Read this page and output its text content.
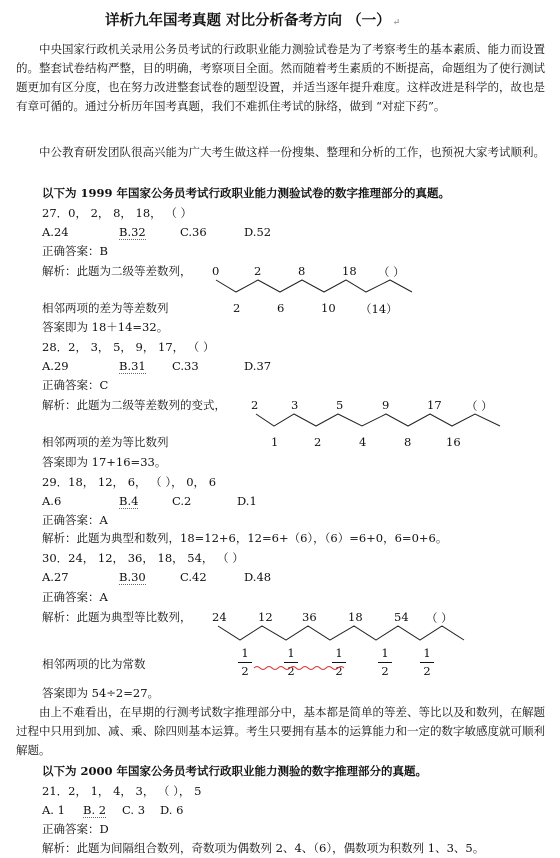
详析九年国考真题 对比分析备考方向 （一） ↵
中央国家行政机关录用公务员考试的行政职业能力测验试卷是为了考察考生的基本素质、能力而设置的。整套试卷结构严整，目的明确，考察项目全面。然而随着考生素质的不断提高，命题组为了使行测试题更加有区分度，也在努力改进整套试卷的题型设置，并适当逐年提升难度。这样改进是科学的，故也是有章可循的。通过分析历年国考真题，我们不难抓住考试的脉络，做到 “对症下药”。
中公教育研发团队很高兴能为广大考生做这样一份搜集、整理和分析的工作，也预祝大家考试顺利。
以下为 1999 年国家公务员考试行政职业能力测验试卷的数字推理部分的真题。
27．0， 2， 8， 18， （ ）
A.24	B.32	C.36	D.52
正确答案：B
解析：此题为二级等差数列， 0	2	8	18 （ ）
相邻两项的差为等差数列	2	6	10 （14）
答案即为 18＋14=32。
28．2， 3， 5， 9， 17， （ ）
A.29	B.31 C.33	D.37
正确答案：C
解析：此题为二级等差数列的变式， 2	3	5	9	17 （ ）
相邻两项的差为等比数列	1	2	4	8	16
答案即为 17+16=33。
29．18， 12， 6， （ ）， 0， 6
A.6	B.4	C.2	D.1
正确答案：A
解析：此题为典型和数列，18=12+6，12=6+（6），（6）=6+0，6=0+6。
30．24， 12， 36， 18， 54， （ ）
A.27	B.30	C.42	D.48
正确答案：A
解析：此题为典型等比数列， 24	12	36	18	54 （ ）
相邻两项的比为常数
1
2
1
2
1
2
1
2
1
2
答案即为 54÷2=27。
由上不难看出，在早期的行测考试数字推理部分中，基本都是简单的等差、等比以及和数列，在解题过程中只用到加、减、乘、除四则基本运算。考生只要拥有基本的运算能力和一定的数字敏感度就可顺利解题。
以下为 2000 年国家公务员考试行政职业能力测验的数字推理部分的真题。
21．2， 1， 4， 3， （ ）， 5
A. 1 B. 2 C. 3 D. 6
正确答案：D
解析：此题为间隔组合数列，奇数项为偶数列 2、4、（6），偶数项为积数列 1、3、5。
